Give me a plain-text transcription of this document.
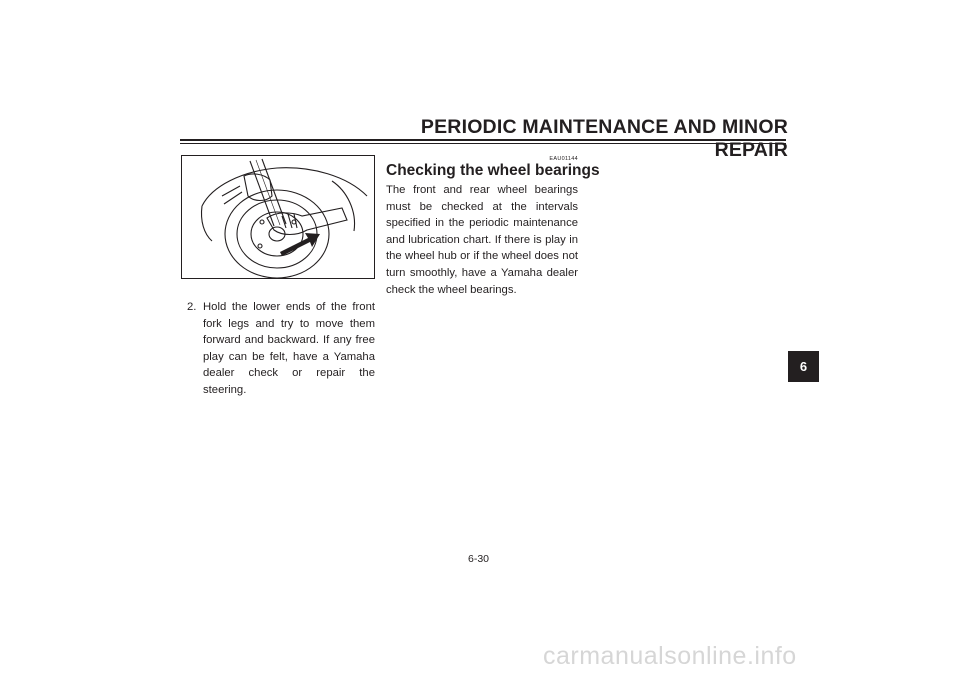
PERIODIC MAINTENANCE AND MINOR REPAIR
2. Hold the lower ends of the front fork legs and try to move them forward and backward. If any free play can be felt, have a Yamaha dealer check or repair the steering.
EAU01144
Checking the wheel bearings
The front and rear wheel bearings must be checked at the intervals specified in the periodic maintenance and lubrication chart. If there is play in the wheel hub or if the wheel does not turn smoothly, have a Yamaha dealer check the wheel bearings.
6
6-30
carmanualsonline.info
